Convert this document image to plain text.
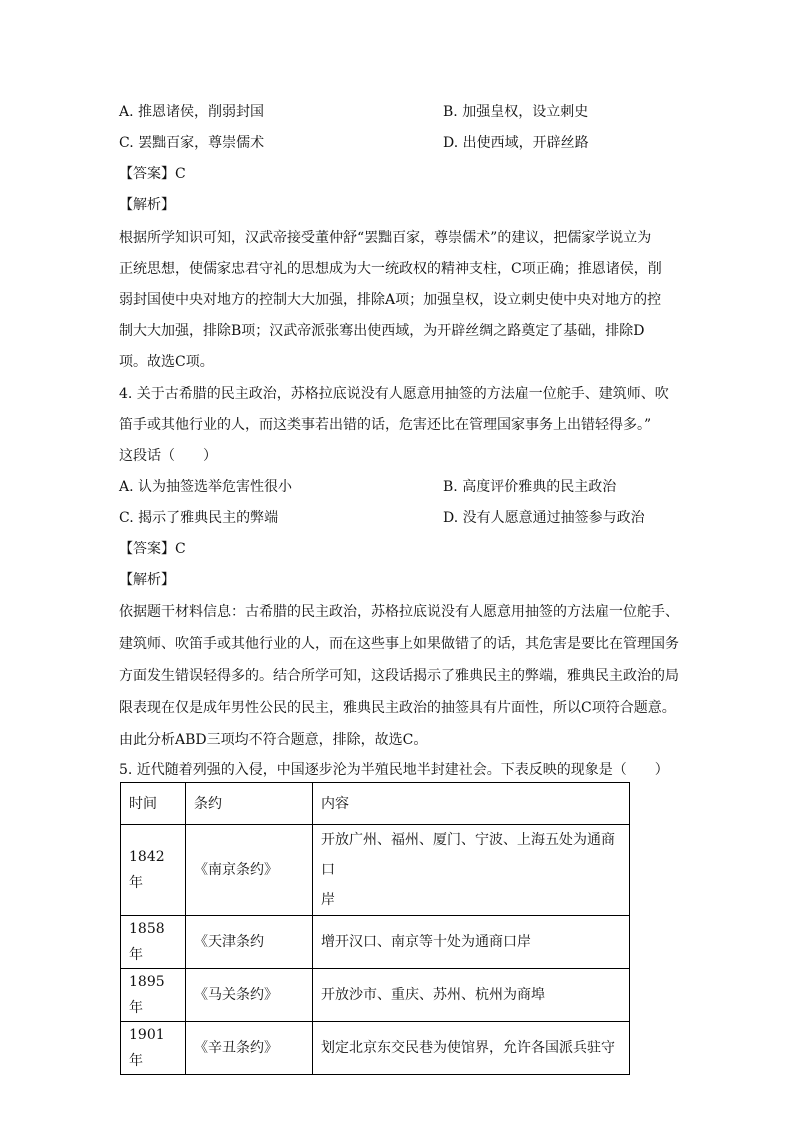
A. 推恩诸侯，削弱封国	B. 加强皇权，设立刺史
C. 罢黜百家，尊崇儒术	D. 出使西域，开辟丝路
【答案】C
【解析】
根据所学知识可知，汉武帝接受董仲舒“罢黜百家，尊崇儒术”的建议，把儒家学说立为
正统思想，使儒家忠君守礼的思想成为大一统政权的精神支柱，C项正确；推恩诸侯，削
弱封国使中央对地方的控制大大加强，排除A项；加强皇权，设立刺史使中央对地方的控
制大大加强，排除B项；汉武帝派张骞出使西域，为开辟丝绸之路奠定了基础，排除D
项。故选C项。
4. 关于古希腊的民主政治，苏格拉底说没有人愿意用抽签的方法雇一位舵手、建筑师、吹
笛手或其他行业的人，而这类事若出错的话，危害还比在管理国家事务上出错轻得多。”
这段话（　　）
A. 认为抽签选举危害性很小	B. 高度评价雅典的民主政治
C. 揭示了雅典民主的弊端	D. 没有人愿意通过抽签参与政治
【答案】C
【解析】
依据题干材料信息：古希腊的民主政治，苏格拉底说没有人愿意用抽签的方法雇一位舵手、
建筑师、吹笛手或其他行业的人，而在这些事上如果做错了的话，其危害是要比在管理国务
方面发生错误轻得多的。结合所学可知，这段话揭示了雅典民主的弊端，雅典民主政治的局
限表现在仅是成年男性公民的民主，雅典民主政治的抽签具有片面性，所以C项符合题意。
由此分析ABD三项均不符合题意，排除，故选C。
5. 近代随着列强的入侵，中国逐步沦为半殖民地半封建社会。下表反映的现象是（　　）
时间	条约	内容
1842年	《南京条约》	开放广州、福州、厦门、宁波、上海五处为通商口
岸
1858年	《天津条约	增开汉口、南京等十处为通商口岸
1895年	《马关条约》	开放沙市、重庆、苏州、杭州为商埠
1901年	《辛丑条约》	划定北京东交民巷为使馆界，允许各国派兵驻守
